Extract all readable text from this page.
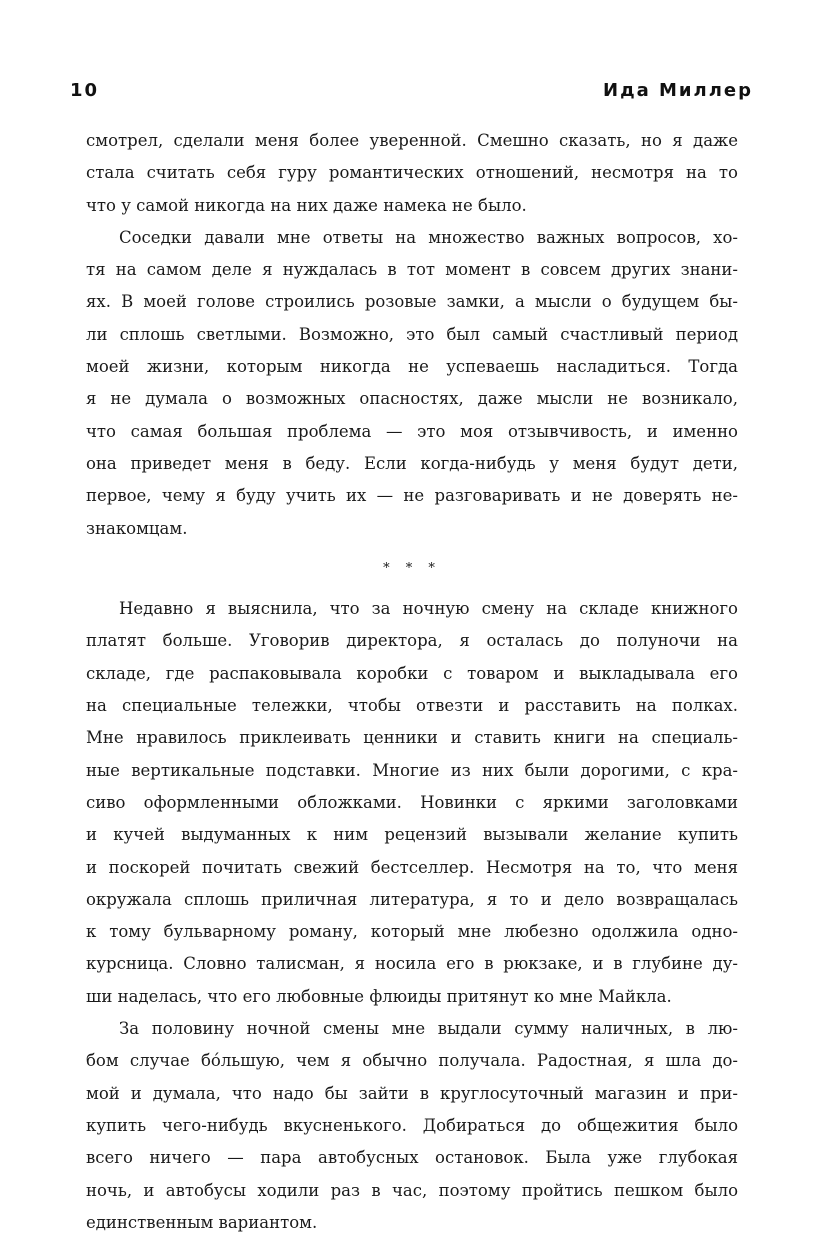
10	Ида Миллер
смотрел, сделали меня более уверенной. Смешно сказать, но я даже
стала считать себя гуру романтических отношений, несмотря на то
что у самой никогда на них даже намека не было.
Соседки давали мне ответы на множество важных вопросов, хо-
тя на самом деле я нуждалась в тот момент в совсем других знани-
ях. В моей голове строились розовые замки, а мысли о будущем бы-
ли сплошь светлыми. Возможно, это был самый счастливый период
моей жизни, которым никогда не успеваешь насладиться. Тогда
я не думала о возможных опасностях, даже мысли не возникало,
что самая большая проблема — это моя отзывчивость, и именно
она приведет меня в беду. Если когда-нибудь у меня будут дети,
первое, чему я буду учить их — не разговаривать и не доверять не-
знакомцам.
* * *
Недавно я выяснила, что за ночную смену на складе книжного
платят больше. Уговорив директора, я осталась до полуночи на
складе, где распаковывала коробки с товаром и выкладывала его
на специальные тележки, чтобы отвезти и расставить на полках.
Мне нравилось приклеивать ценники и ставить книги на специаль-
ные вертикальные подставки. Многие из них были дорогими, с кра-
сиво оформленными обложками. Новинки с яркими заголовками
и кучей выдуманных к ним рецензий вызывали желание купить
и поскорей почитать свежий бестселлер. Несмотря на то, что меня
окружала сплошь приличная литература, я то и дело возвращалась
к тому бульварному роману, который мне любезно одолжила одно-
курсница. Словно талисман, я носила его в рюкзаке, и в глубине ду-
ши наделась, что его любовные флюиды притянут ко мне Майкла.
За половину ночной смены мне выдали сумму наличных, в лю-
бом случае бо́льшую, чем я обычно получала. Радостная, я шла до-
мой и думала, что надо бы зайти в круглосуточный магазин и при-
купить чего-нибудь вкусненького. Добираться до общежития было
всего ничего — пара автобусных остановок. Была уже глубокая
ночь, и автобусы ходили раз в час, поэтому пройтись пешком было
единственным вариантом.
